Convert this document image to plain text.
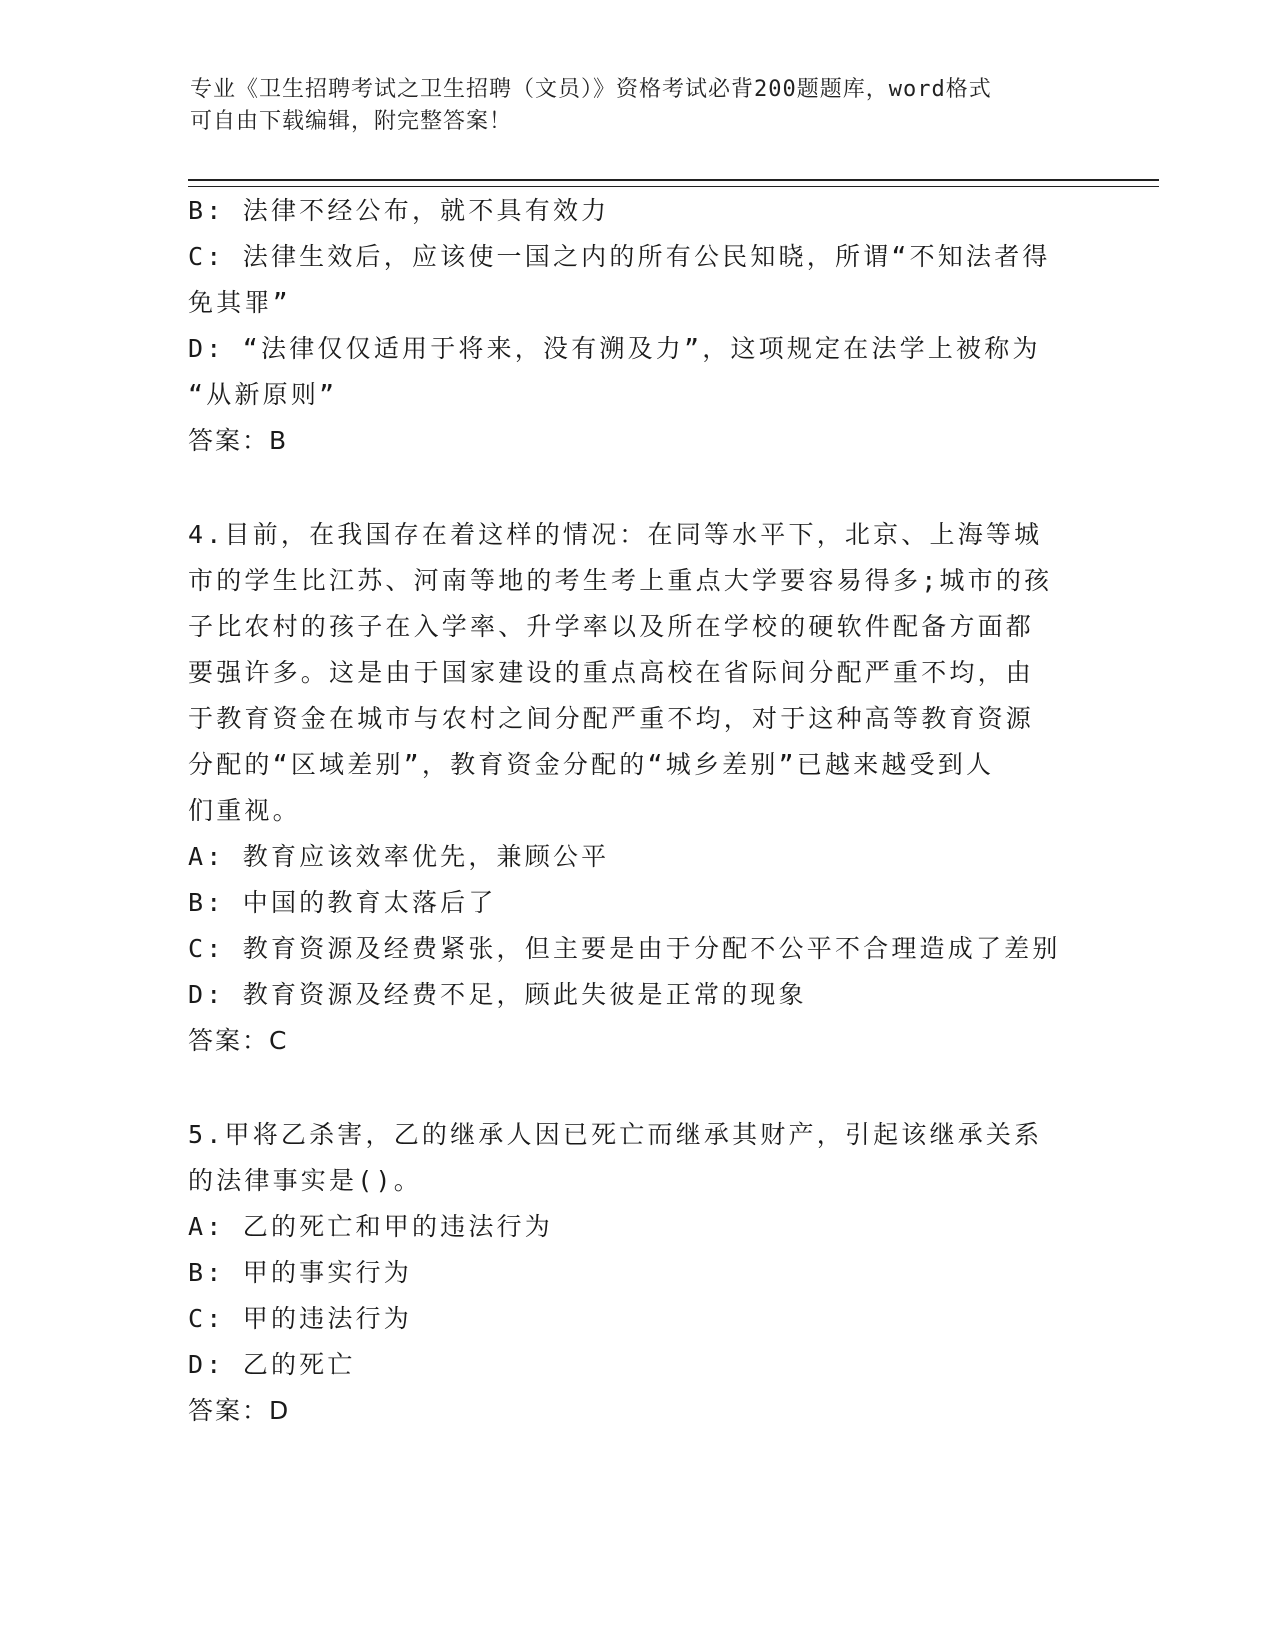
专业《卫生招聘考试之卫生招聘（文员）》资格考试必背200题题库，word格式
可自由下载编辑，附完整答案！

B: 法律不经公布，就不具有效力

C: 法律生效后，应该使一国之内的所有公民知晓，所谓“不知法者得

免其罪”

D: “法律仅仅适用于将来，没有溯及力”，这项规定在法学上被称为

“从新原则”

答案：B

4.目前，在我国存在着这样的情况：在同等水平下，北京、上海等城

市的学生比江苏、河南等地的考生考上重点大学要容易得多;城市的孩

子比农村的孩子在入学率、升学率以及所在学校的硬软件配备方面都

要强许多。这是由于国家建设的重点高校在省际间分配严重不均，由

于教育资金在城市与农村之间分配严重不均，对于这种高等教育资源

分配的“区域差别”，教育资金分配的“城乡差别”已越来越受到人

们重视。

A: 教育应该效率优先，兼顾公平

B: 中国的教育太落后了

C: 教育资源及经费紧张，但主要是由于分配不公平不合理造成了差别

D: 教育资源及经费不足，顾此失彼是正常的现象

答案：C

5.甲将乙杀害，乙的继承人因已死亡而继承其财产，引起该继承关系

的法律事实是()。

A: 乙的死亡和甲的违法行为

B: 甲的事实行为

C: 甲的违法行为

D: 乙的死亡

答案：D
